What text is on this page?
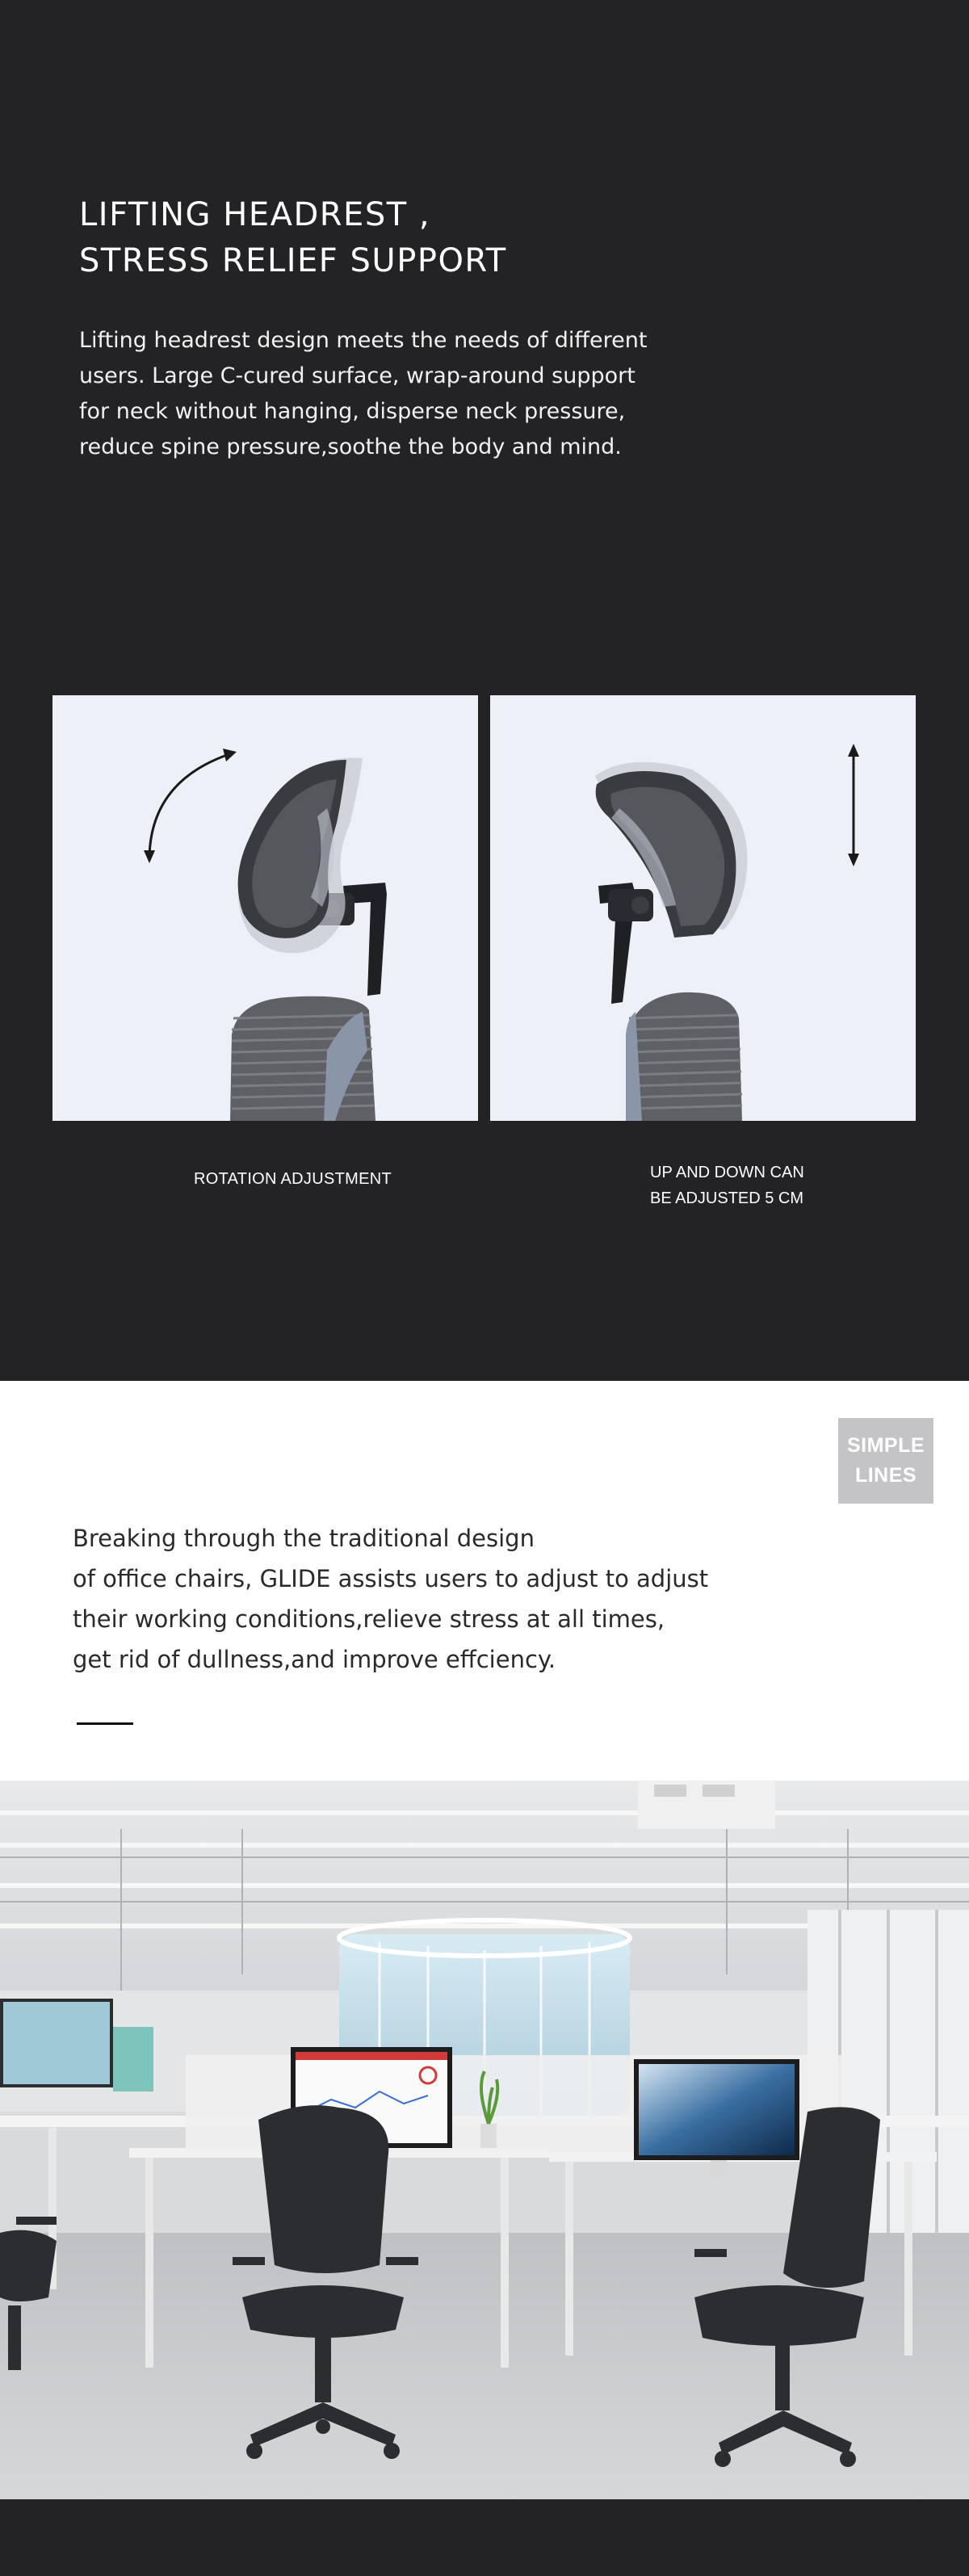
LIFTING HEADREST ,
STRESS RELIEF SUPPORT

Lifting headrest design meets the needs of different users. Large C-cured surface, wrap-around support for neck without hanging, disperse neck pressure, reduce spine pressure,soothe the body and mind.

ROTATION ADJUSTMENT	UP AND DOWN CAN
BE ADJUSTED 5 CM

SIMPLE
LINES

Breaking through the traditional design
of office chairs, GLIDE assists users to adjust to adjust
their working conditions,relieve stress at all times,
get rid of dullness,and improve effciency.
